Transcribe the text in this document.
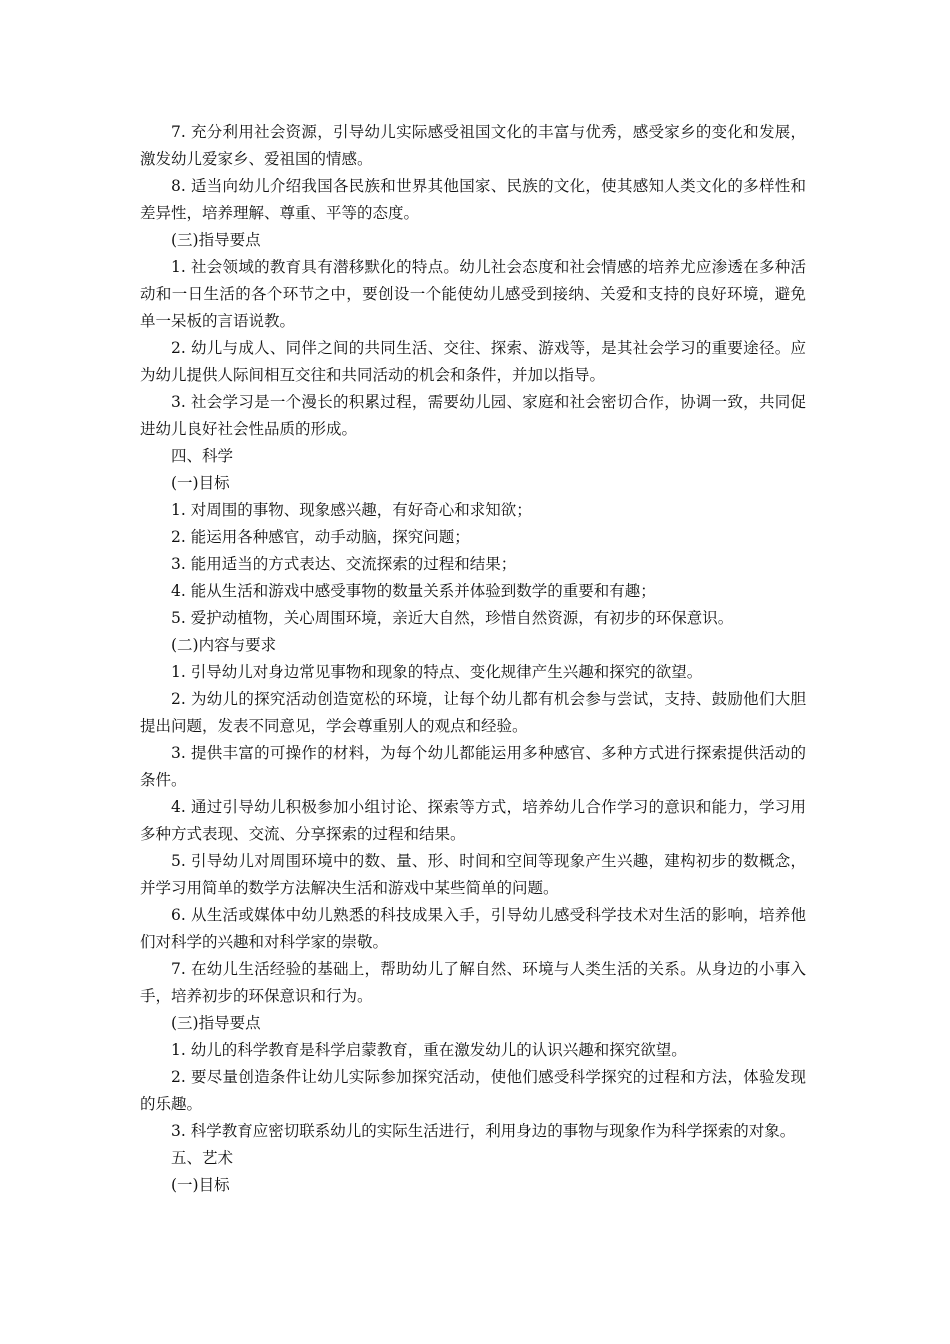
7. 充分利用社会资源，引导幼儿实际感受祖国文化的丰富与优秀，感受家乡的变化和发展，激发幼儿爱家乡、爱祖国的情感。

8. 适当向幼儿介绍我国各民族和世界其他国家、民族的文化，使其感知人类文化的多样性和差异性，培养理解、尊重、平等的态度。

(三)指导要点

1. 社会领域的教育具有潜移默化的特点。幼儿社会态度和社会情感的培养尤应渗透在多种活动和一日生活的各个环节之中，要创设一个能使幼儿感受到接纳、关爱和支持的良好环境，避免单一呆板的言语说教。

2. 幼儿与成人、同伴之间的共同生活、交往、探索、游戏等，是其社会学习的重要途径。应为幼儿提供人际间相互交往和共同活动的机会和条件，并加以指导。

3. 社会学习是一个漫长的积累过程，需要幼儿园、家庭和社会密切合作，协调一致，共同促进幼儿良好社会性品质的形成。

四、科学

(一)目标

1. 对周围的事物、现象感兴趣，有好奇心和求知欲；

2. 能运用各种感官，动手动脑，探究问题；

3. 能用适当的方式表达、交流探索的过程和结果；

4. 能从生活和游戏中感受事物的数量关系并体验到数学的重要和有趣；

5. 爱护动植物，关心周围环境，亲近大自然，珍惜自然资源，有初步的环保意识。

(二)内容与要求

1. 引导幼儿对身边常见事物和现象的特点、变化规律产生兴趣和探究的欲望。

2. 为幼儿的探究活动创造宽松的环境，让每个幼儿都有机会参与尝试，支持、鼓励他们大胆提出问题，发表不同意见，学会尊重别人的观点和经验。

3. 提供丰富的可操作的材料，为每个幼儿都能运用多种感官、多种方式进行探索提供活动的条件。

4. 通过引导幼儿积极参加小组讨论、探索等方式，培养幼儿合作学习的意识和能力，学习用多种方式表现、交流、分享探索的过程和结果。

5. 引导幼儿对周围环境中的数、量、形、时间和空间等现象产生兴趣，建构初步的数概念，并学习用简单的数学方法解决生活和游戏中某些简单的问题。

6. 从生活或媒体中幼儿熟悉的科技成果入手，引导幼儿感受科学技术对生活的影响，培养他们对科学的兴趣和对科学家的崇敬。

7. 在幼儿生活经验的基础上，帮助幼儿了解自然、环境与人类生活的关系。从身边的小事入手，培养初步的环保意识和行为。

(三)指导要点

1. 幼儿的科学教育是科学启蒙教育，重在激发幼儿的认识兴趣和探究欲望。

2. 要尽量创造条件让幼儿实际参加探究活动，使他们感受科学探究的过程和方法，体验发现的乐趣。

3. 科学教育应密切联系幼儿的实际生活进行，利用身边的事物与现象作为科学探索的对象。

五、艺术

(一)目标
